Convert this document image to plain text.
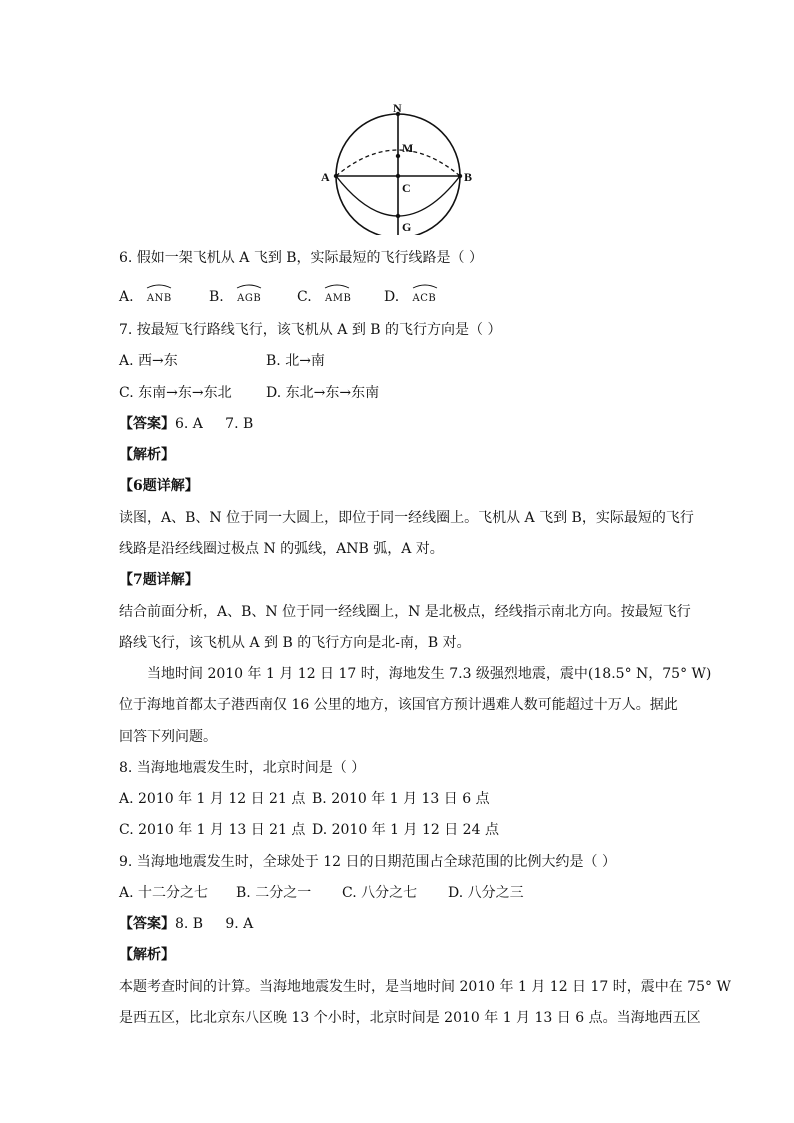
N
M
A
C
B
G
6. 假如一架飞机从 A 飞到 B，实际最短的飞行线路是（ ）
A. ANB	B. AGB	C. AMB D. ACB
7. 按最短飞行路线飞行，该飞机从 A 到 B 的飞行方向是（ ）
A. 西→东	B. 北→南
C. 东南→东→东北 D. 东北→东→东南
【答案】6. A     7. B
【解析】
【6题详解】
读图，A、B、N 位于同一大圆上，即位于同一经线圈上。飞机从 A 飞到 B，实际最短的飞行
线路是沿经线圈过极点 N 的弧线，ANB 弧，A 对。
【7题详解】
结合前面分析，A、B、N 位于同一经线圈上，N 是北极点，经线指示南北方向。按最短飞行
路线飞行，该飞机从 A 到 B 的飞行方向是北-南，B 对。
当地时间 2010 年 1 月 12 日 17 时，海地发生 7.3 级强烈地震，震中(18.5° N，75° W)
位于海地首都太子港西南仅 16 公里的地方，该国官方预计遇难人数可能超过十万人。据此
回答下列问题。
8. 当海地地震发生时，北京时间是（ ）
A. 2010 年 1 月 12 日 21 点 B. 2010 年 1 月 13 日 6 点
C. 2010 年 1 月 13 日 21 点 D. 2010 年 1 月 12 日 24 点
9. 当海地地震发生时，全球处于 12 日的日期范围占全球范围的比例大约是（ ）
A. 十二分之七 B. 二分之一 C. 八分之七 D. 八分之三
【答案】8. B     9. A
【解析】
本题考查时间的计算。当海地地震发生时，是当地时间 2010 年 1 月 12 日 17 时，震中在 75° W
是西五区，比北京东八区晚 13 个小时，北京时间是 2010 年 1 月 13 日 6 点。当海地西五区
